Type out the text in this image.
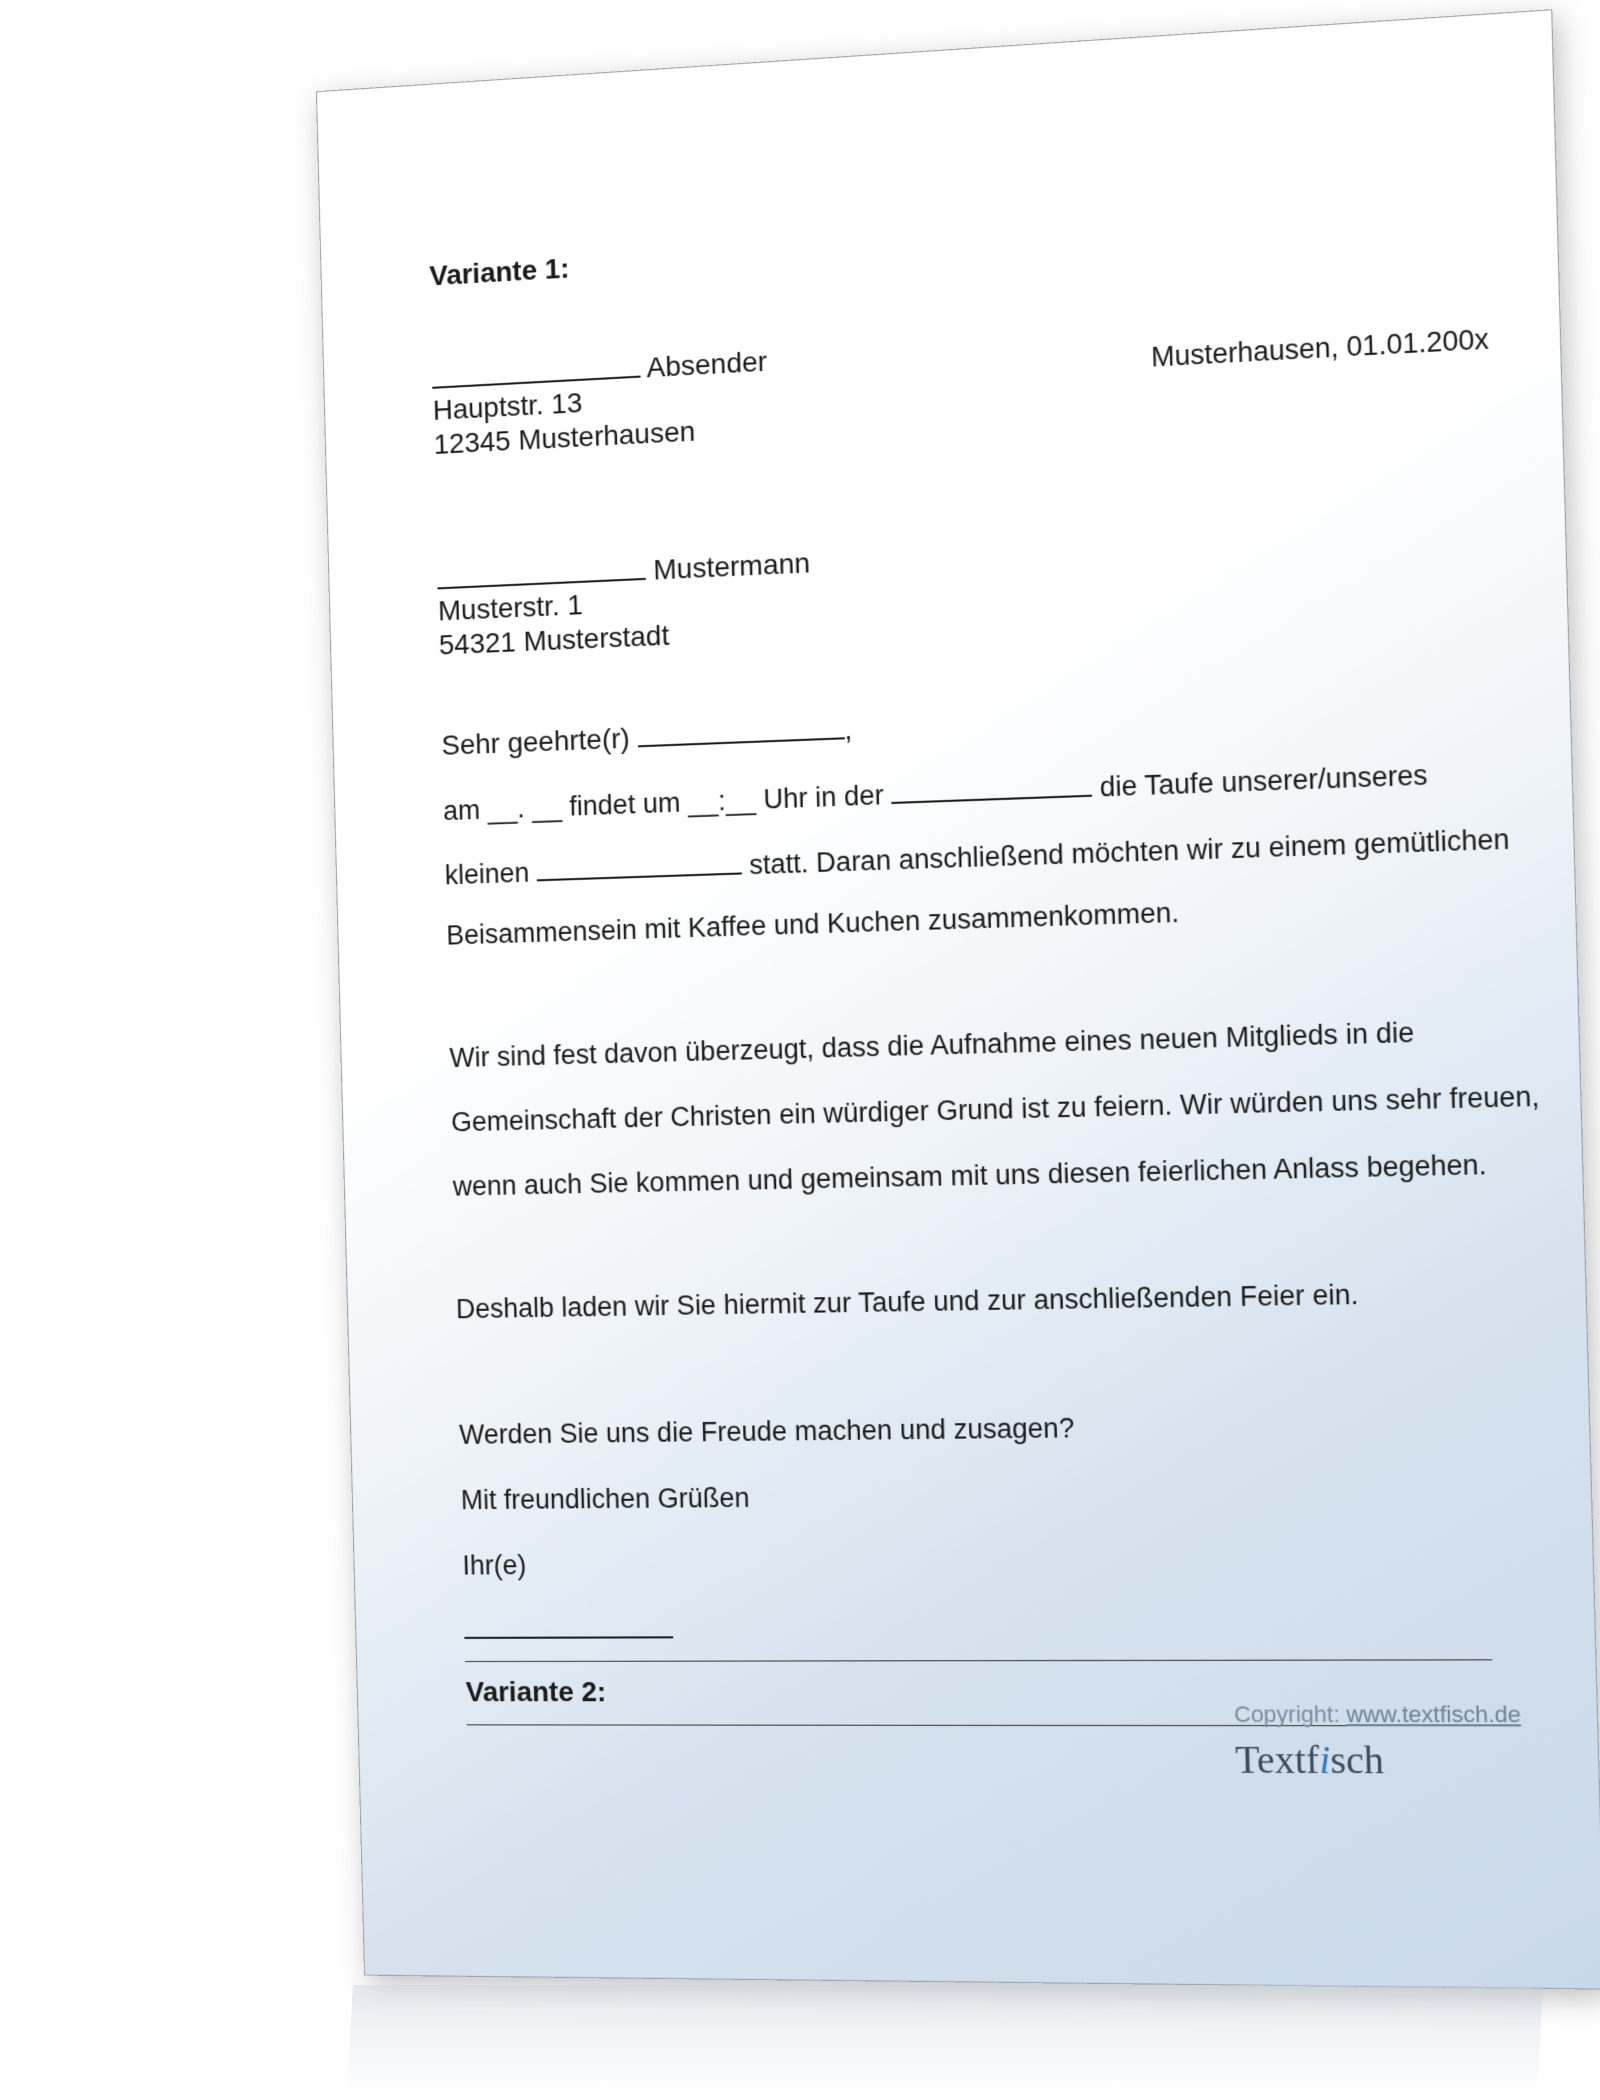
Variante 1:
Absender
Hauptstr. 13
12345 Musterhausen
Musterhausen, 01.01.200x
Mustermann
Musterstr. 1
54321 Musterstadt
Sehr geehrte(r)	,
am __. __ findet um __:__ Uhr in der	die Taufe unserer/unseres
kleinen	statt. Daran anschließend möchten wir zu einem gemütlichen
Beisammensein mit Kaffee und Kuchen zusammenkommen.
Wir sind fest davon überzeugt, dass die Aufnahme eines neuen Mitglieds in die
Gemeinschaft der Christen ein würdiger Grund ist zu feiern. Wir würden uns sehr freuen,
wenn auch Sie kommen und gemeinsam mit uns diesen feierlichen Anlass begehen.
Deshalb laden wir Sie hiermit zur Taufe und zur anschließenden Feier ein.
Werden Sie uns die Freude machen und zusagen?
Mit freundlichen Grüßen
Ihr(e)
Variante 2:
Copyright: www.textfisch.de
Textfisch
